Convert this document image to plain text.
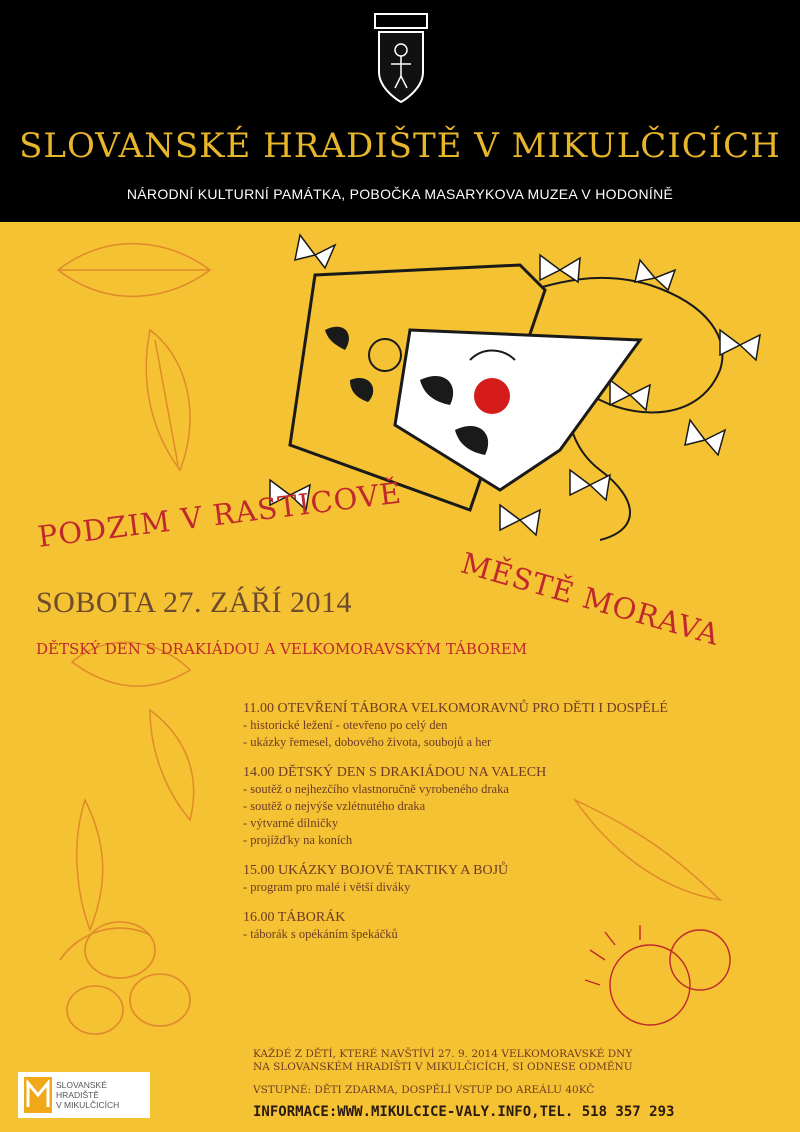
SLOVANSKÉ HRADIŠTĚ V MIKULČICÍCH
NÁRODNÍ KULTURNÍ PAMÁTKA, POBOČKA MASARYKOVA MUZEA V HODONÍNĚ
PODZIM V RASTICOVĚ
MĚSTĚ MORAVA
SOBOTA 27. ZÁŘÍ 2014
DĚTSKÝ DEN S DRAKIÁDOU A VELKOMORAVSKÝM TÁBOREM
11.00 OTEVŘENÍ TÁBORA VELKOMORAVNŮ PRO DĚTI I DOSPĚLÉ
- historické ležení - otevřeno po celý den
- ukázky řemesel, dobového života, soubojů a her
14.00 DĚTSKÝ DEN S DRAKIÁDOU NA VALECH
- soutěž o nejhezčího vlastnoručně vyrobeného draka
- soutěž o nejvýše vzlétnutého draka
- výtvarné dílničky
- projížďky na koních
15.00 UKÁZKY BOJOVÉ TAKTIKY A BOJŮ
- program pro malé i větší diváky
16.00 TÁBORÁK
- táborák s opékáním špekáčků
KAŽDÉ Z DĚTÍ, KTERÉ NAVŠTÍVÍ 27. 9. 2014 VELKOMORAVSKÉ DNY
NA SLOVANSKÉM HRADIŠTI V MIKULČICÍCH, SI ODNESE ODMĚNU
VSTUPNÉ: DĚTI ZDARMA, DOSPĚLÍ VSTUP DO AREÁLU 40KČ
INFORMACE:WWW.MIKULCICE-VALY.INFO,TEL. 518 357 293
SLOVANSKÉ
HRADIŠTĚ
V MIKULČICÍCH
